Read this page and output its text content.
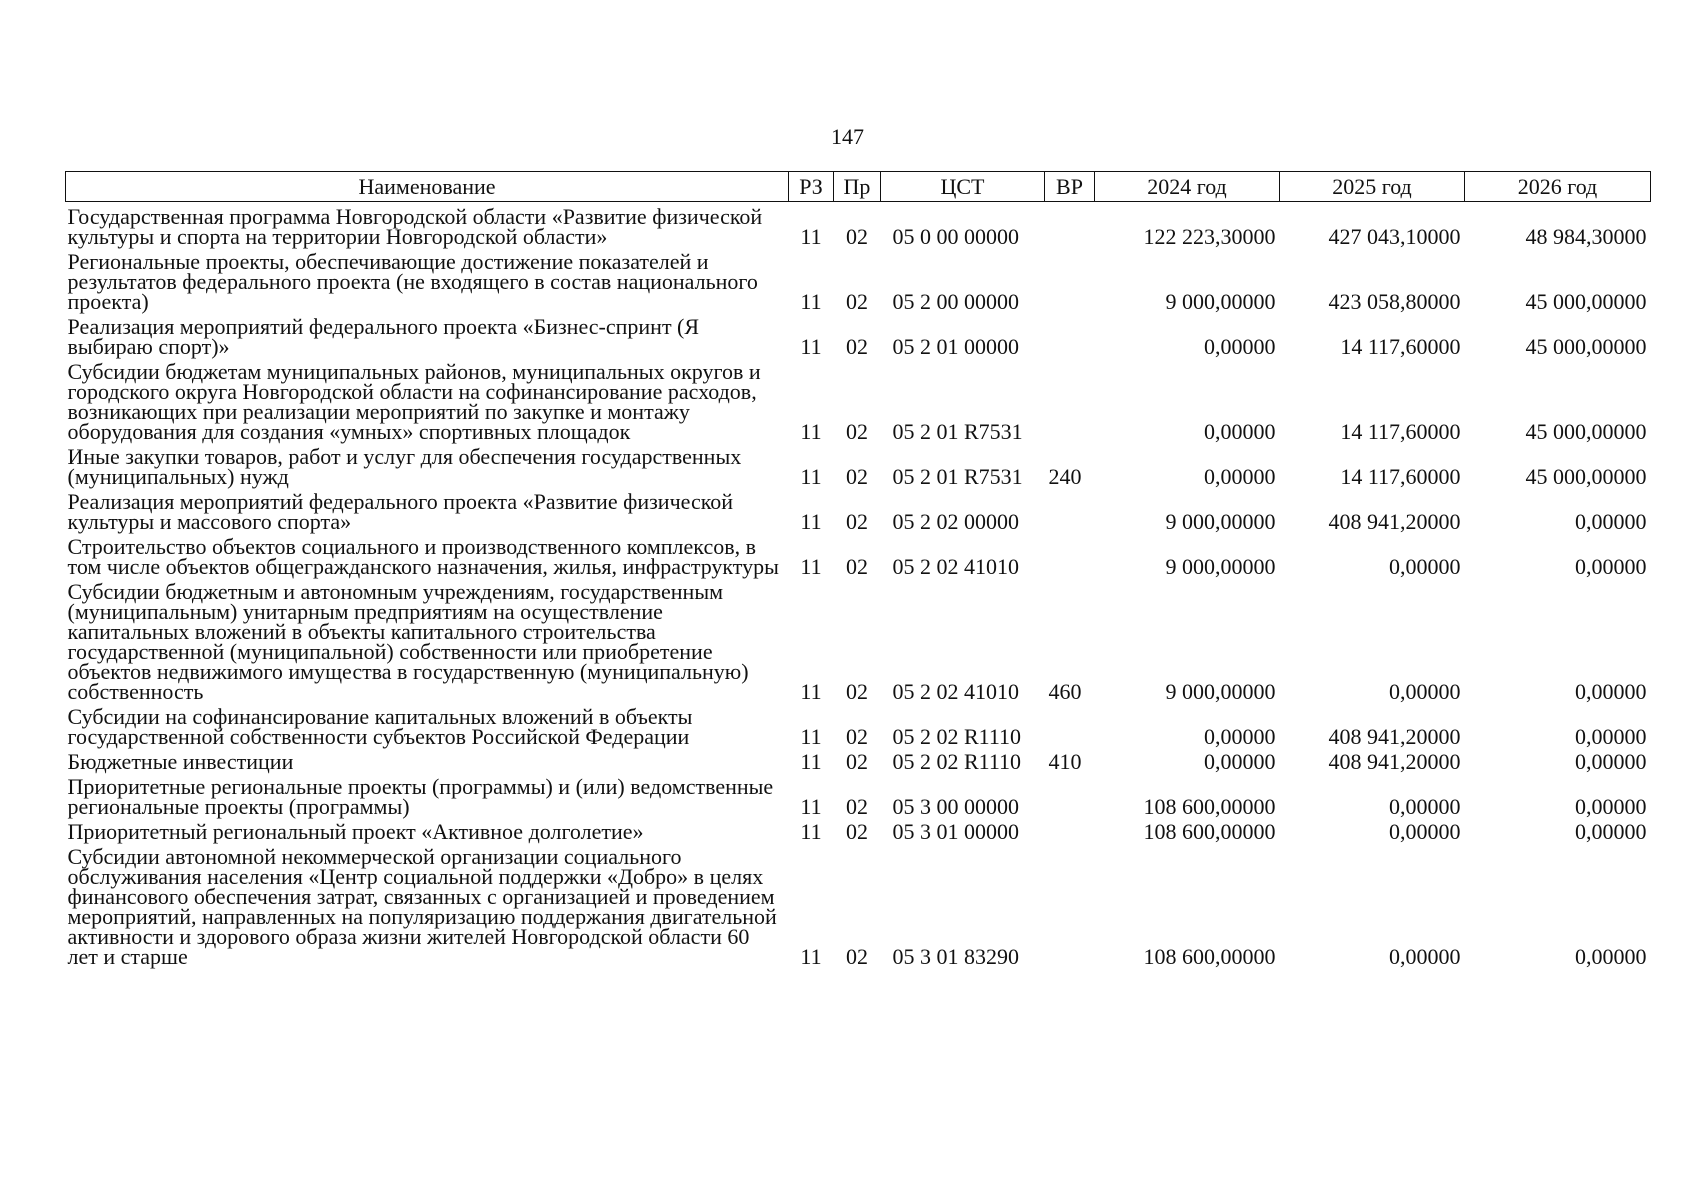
147
Наименование	РЗ	Пр	ЦСТ	ВР	2024 год	2025 год	2026 год
Государственная программа Новгородской области «Развитие физической культуры и спорта на территории Новгородской области»	11	02	05 0 00 00000		122 223,30000	427 043,10000	48 984,30000
Региональные проекты, обеспечивающие достижение показателей и результатов федерального проекта (не входящего в состав национального проекта)	11	02	05 2 00 00000		9 000,00000	423 058,80000	45 000,00000
Реализация мероприятий федерального проекта «Бизнес-спринт (Я выбираю спорт)»	11	02	05 2 01 00000		0,00000	14 117,60000	45 000,00000
Субсидии бюджетам муниципальных районов, муниципальных округов и городского округа Новгородской области на софинансирование расходов, возникающих при реализации мероприятий по закупке и монтажу оборудования для создания «умных» спортивных площадок	11	02	05 2 01 R7531		0,00000	14 117,60000	45 000,00000
Иные закупки товаров, работ и услуг для обеспечения государственных (муниципальных) нужд	11	02	05 2 01 R7531	240	0,00000	14 117,60000	45 000,00000
Реализация мероприятий федерального проекта «Развитие физической культуры и массового спорта»	11	02	05 2 02 00000		9 000,00000	408 941,20000	0,00000
Строительство объектов социального и производственного комплексов, в том числе объектов общегражданского назначения, жилья, инфраструктуры	11	02	05 2 02 41010		9 000,00000	0,00000	0,00000
Субсидии бюджетным и автономным учреждениям, государственным (муниципальным) унитарным предприятиям на осуществление капитальных вложений в объекты капитального строительства государственной (муниципальной) собственности или приобретение объектов недвижимого имущества в государственную (муниципальную) собственность	11	02	05 2 02 41010	460	9 000,00000	0,00000	0,00000
Субсидии на софинансирование капитальных вложений в объекты государственной собственности субъектов Российской Федерации	11	02	05 2 02 R1110		0,00000	408 941,20000	0,00000
Бюджетные инвестиции	11	02	05 2 02 R1110	410	0,00000	408 941,20000	0,00000
Приоритетные региональные проекты (программы) и (или) ведомственные региональные проекты (программы)	11	02	05 3 00 00000		108 600,00000	0,00000	0,00000
Приоритетный региональный проект «Активное долголетие»	11	02	05 3 01 00000		108 600,00000	0,00000	0,00000
Субсидии автономной некоммерческой организации социального обслуживания населения «Центр социальной поддержки «Добро» в целях финансового обеспечения затрат, связанных с организацией и проведением мероприятий, направленных на популяризацию поддержания двигательной активности и здорового образа жизни жителей Новгородской области 60 лет и старше	11	02	05 3 01 83290		108 600,00000	0,00000	0,00000
